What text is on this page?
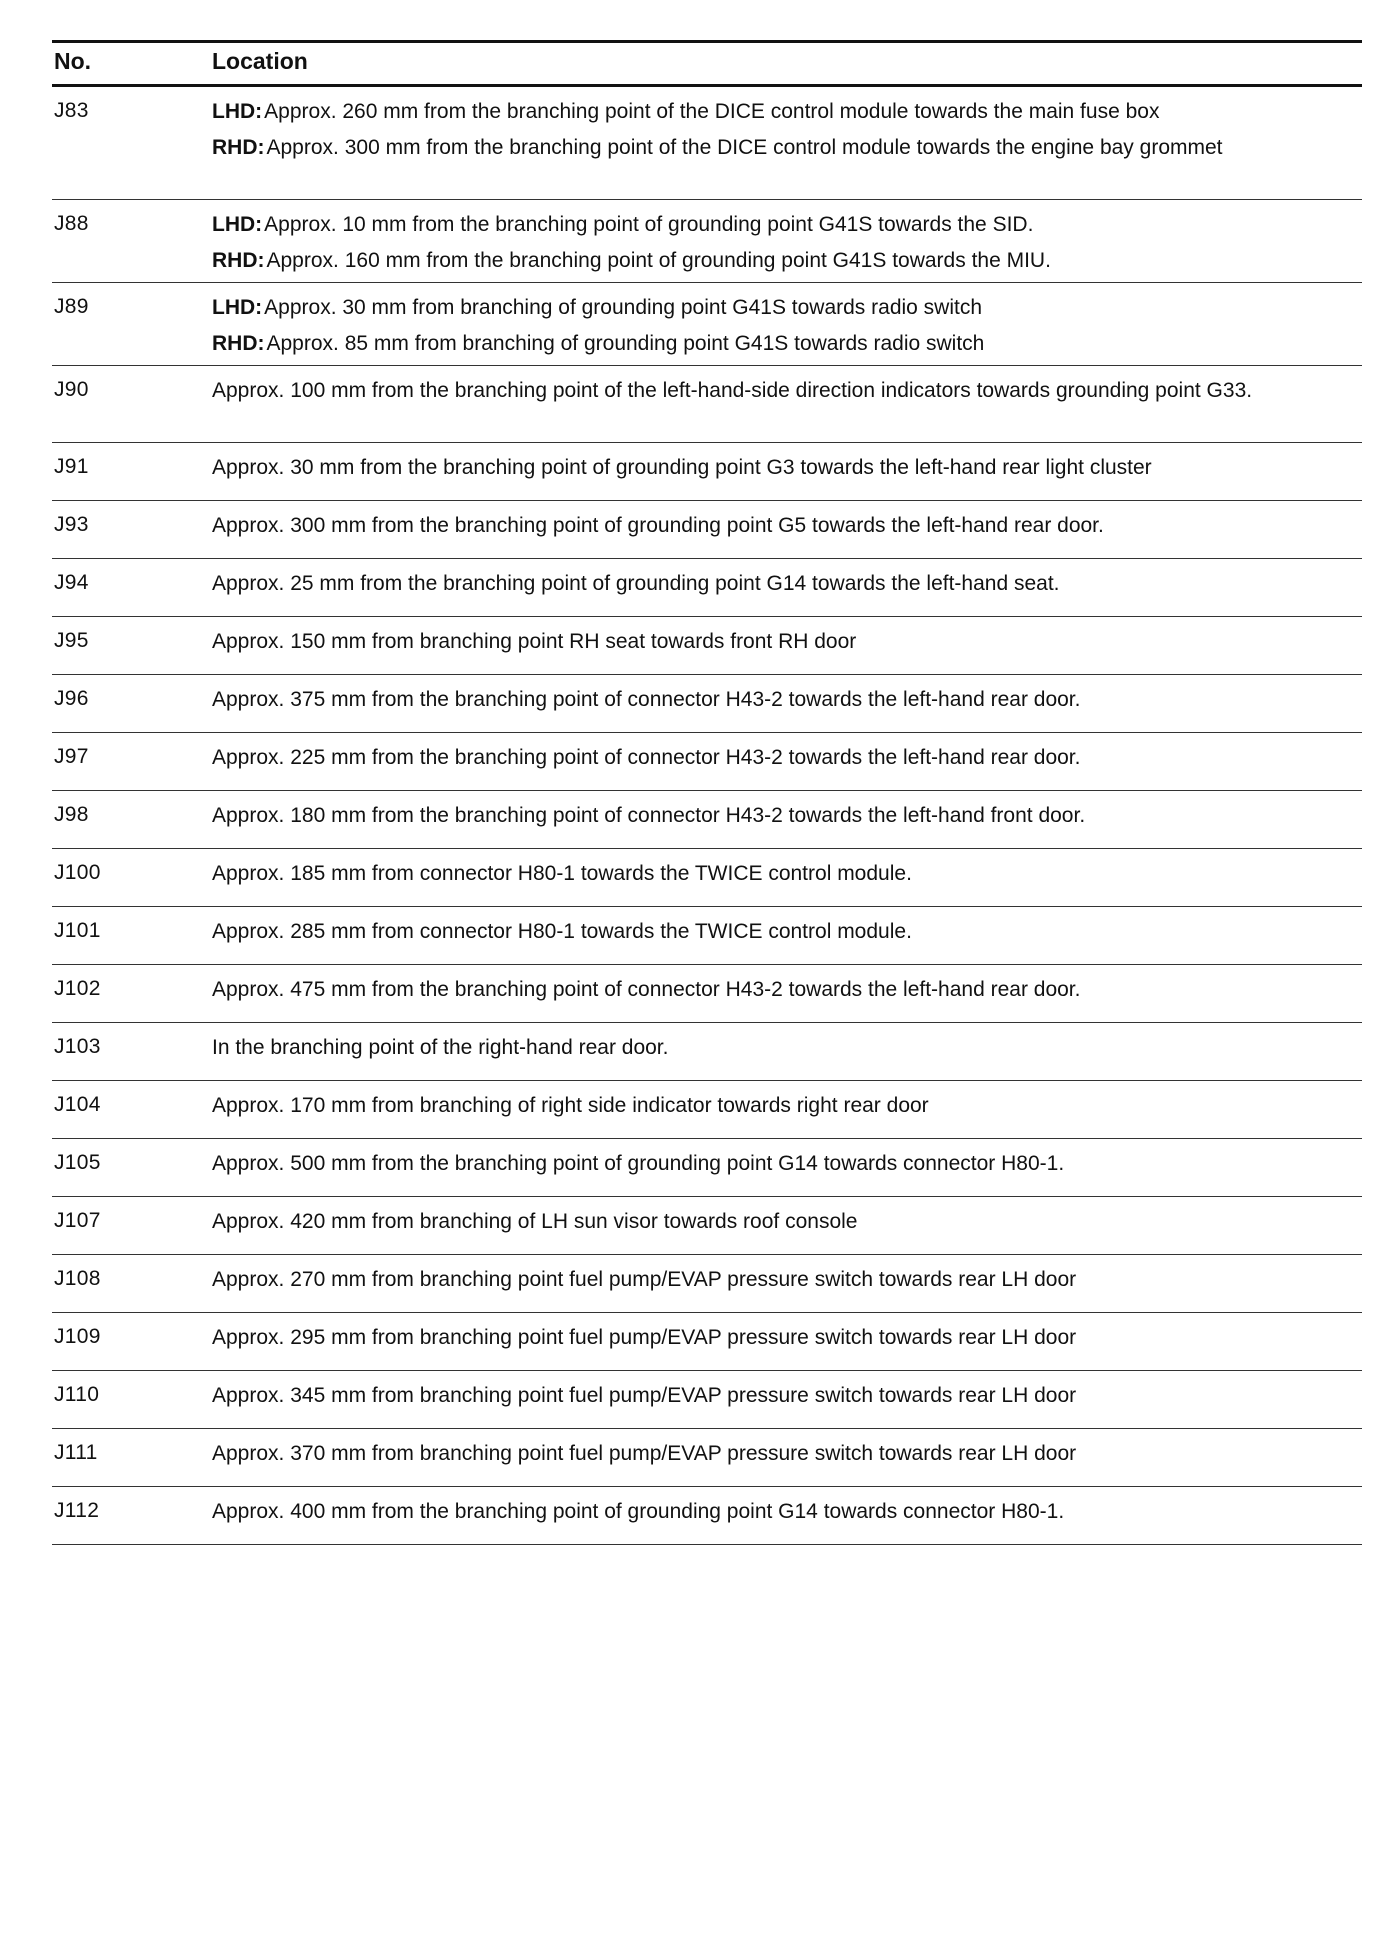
No.	Location
J83	LHD:Approx. 260 mm from the branching point of the DICE control module towards the main fuse box
RHD:Approx. 300 mm from the branching point of the DICE control module towards the engine bay grommet
J88	LHD:Approx. 10 mm from the branching point of grounding point G41S towards the SID.
RHD:Approx. 160 mm from the branching point of grounding point G41S towards the MIU.
J89	LHD:Approx. 30 mm from branching of grounding point G41S towards radio switch
RHD:Approx. 85 mm from branching of grounding point G41S towards radio switch
J90	Approx. 100 mm from the branching point of the left-hand-side direction indicators towards grounding point G33.
J91	Approx. 30 mm from the branching point of grounding point G3 towards the left-hand rear light cluster
J93	Approx. 300 mm from the branching point of grounding point G5 towards the left-hand rear door.
J94	Approx. 25 mm from the branching point of grounding point G14 towards the left-hand seat.
J95	Approx. 150 mm from branching point RH seat towards front RH door
J96	Approx. 375 mm from the branching point of connector H43-2 towards the left-hand rear door.
J97	Approx. 225 mm from the branching point of connector H43-2 towards the left-hand rear door.
J98	Approx. 180 mm from the branching point of connector H43-2 towards the left-hand front door.
J100	Approx. 185 mm from connector H80-1 towards the TWICE control module.
J101	Approx. 285 mm from connector H80-1 towards the TWICE control module.
J102	Approx. 475 mm from the branching point of connector H43-2 towards the left-hand rear door.
J103	In the branching point of the right-hand rear door.
J104	Approx. 170 mm from branching of right side indicator towards right rear door
J105	Approx. 500 mm from the branching point of grounding point G14 towards connector H80-1.
J107	Approx. 420 mm from branching of LH sun visor towards roof console
J108	Approx. 270 mm from branching point fuel pump/EVAP pressure switch towards rear LH door
J109	Approx. 295 mm from branching point fuel pump/EVAP pressure switch towards rear LH door
J110	Approx. 345 mm from branching point fuel pump/EVAP pressure switch towards rear LH door
J111	Approx. 370 mm from branching point fuel pump/EVAP pressure switch towards rear LH door
J112	Approx. 400 mm from the branching point of grounding point G14 towards connector H80-1.
